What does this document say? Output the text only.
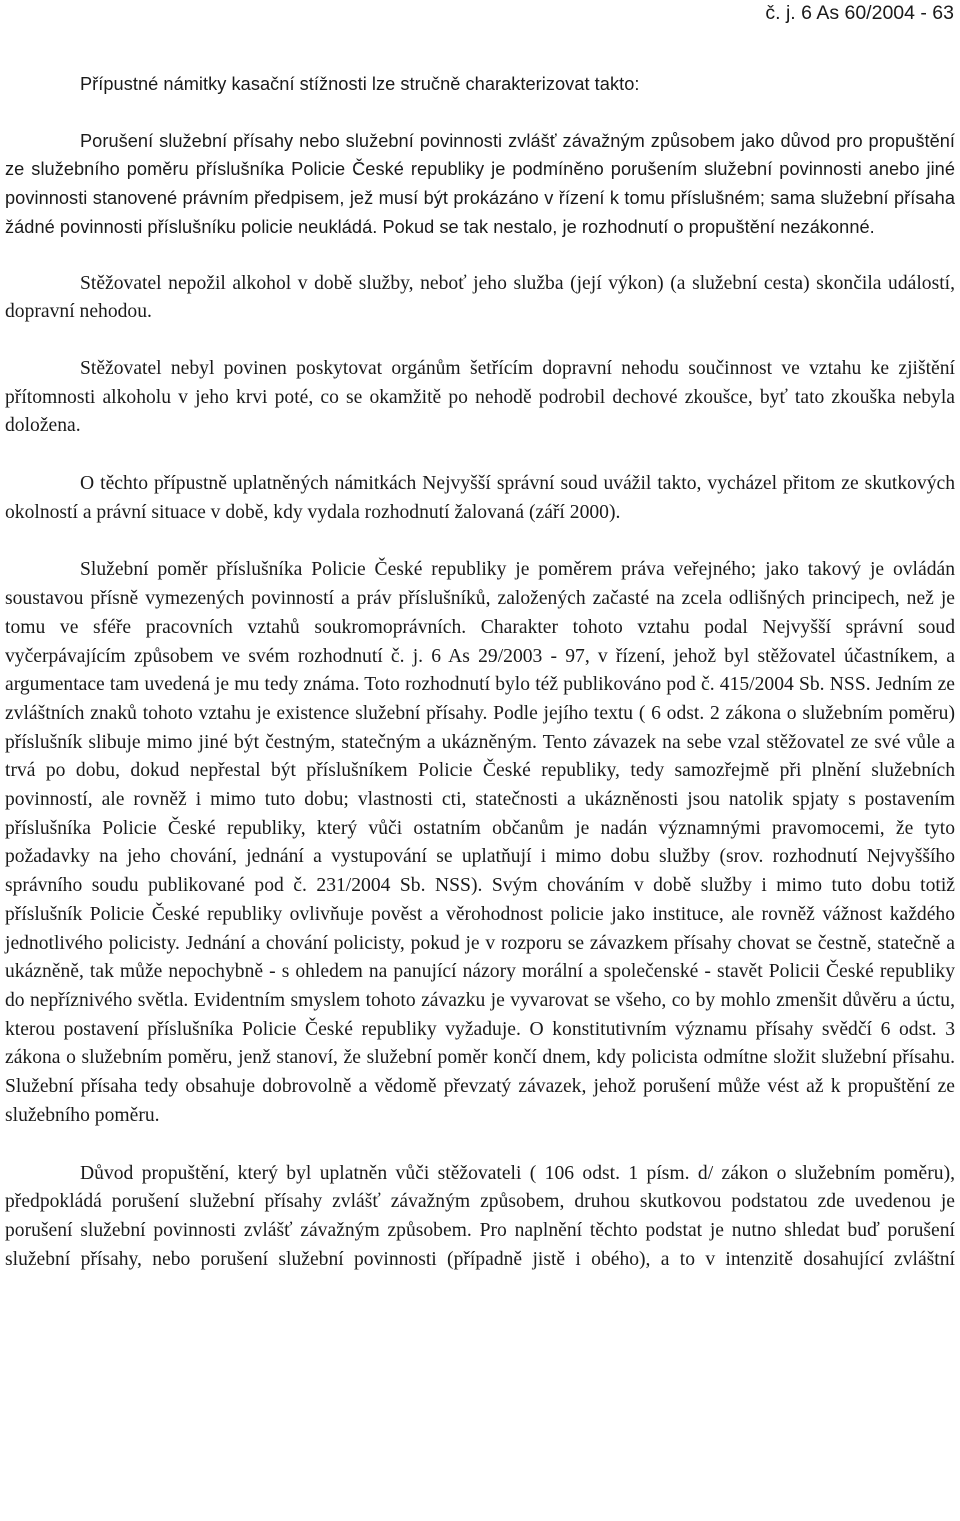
č. j. 6 As 60/2004 - 63

Přípustné námitky kasační stížnosti lze stručně charakterizovat takto:

Porušení služební přísahy nebo služební povinnosti zvlášť závažným způsobem jako důvod pro propuštění ze služebního poměru příslušníka Policie České republiky je podmíněno porušením služební povinnosti anebo jiné povinnosti stanovené právním předpisem, jež musí být prokázáno v řízení k tomu příslušném; sama služební přísaha žádné povinnosti příslušníku policie neukládá. Pokud se tak nestalo, je rozhodnutí o propuštění nezákonné.

Stěžovatel nepožil alkohol v době služby, neboť jeho služba (její výkon) (a služební cesta) skončila událostí, dopravní nehodou.

Stěžovatel nebyl povinen poskytovat orgánům šetřícím dopravní nehodu součinnost ve vztahu ke zjištění přítomnosti alkoholu v jeho krvi poté, co se okamžitě po nehodě podrobil dechové zkoušce, byť tato zkouška nebyla doložena.

O těchto přípustně uplatněných námitkách Nejvyšší správní soud uvážil takto, vycházel přitom ze skutkových okolností a právní situace v době, kdy vydala rozhodnutí žalovaná (září 2000).

Služební poměr příslušníka Policie České republiky je poměrem práva veřejného; jako takový je ovládán soustavou přísně vymezených povinností a práv příslušníků, založených začasté na zcela odlišných principech, než je tomu ve sféře pracovních vztahů soukromoprávních. Charakter tohoto vztahu podal Nejvyšší správní soud vyčerpávajícím způsobem ve svém rozhodnutí č. j. 6 As 29/2003 - 97, v řízení, jehož byl stěžovatel účastníkem, a argumentace tam uvedená je mu tedy známa. Toto rozhodnutí bylo též publikováno pod č. 415/2004 Sb. NSS. Jedním ze zvláštních znaků tohoto vztahu je existence služební přísahy. Podle jejího textu ( 6 odst. 2 zákona o služebním poměru) příslušník slibuje mimo jiné být čestným, statečným a ukázněným. Tento závazek na sebe vzal stěžovatel ze své vůle a trvá po dobu, dokud nepřestal být příslušníkem Policie České republiky, tedy samozřejmě při plnění služebních povinností, ale rovněž i mimo tuto dobu; vlastnosti cti, statečnosti a ukázněnosti jsou natolik spjaty s postavením příslušníka Policie České republiky, který vůči ostatním občanům je nadán významnými pravomocemi, že tyto požadavky na jeho chování, jednání a vystupování se uplatňují i mimo dobu služby (srov. rozhodnutí Nejvyššího správního soudu publikované pod č. 231/2004 Sb. NSS). Svým chováním v době služby i mimo tuto dobu totiž příslušník Policie České republiky ovlivňuje pověst a věrohodnost policie jako instituce, ale rovněž vážnost každého jednotlivého policisty. Jednání a chování policisty, pokud je v rozporu se závazkem přísahy chovat se čestně, statečně a ukázněně, tak může nepochybně - s ohledem na panující názory morální a společenské - stavět Policii České republiky do nepříznivého světla. Evidentním smyslem tohoto závazku je vyvarovat se všeho, co by mohlo zmenšit důvěru a úctu, kterou postavení příslušníka Policie České republiky vyžaduje. O konstitutivním významu přísahy svědčí 6 odst. 3 zákona o služebním poměru, jenž stanoví, že služební poměr končí dnem, kdy policista odmítne složit služební přísahu. Služební přísaha tedy obsahuje dobrovolně a vědomě převzatý závazek, jehož porušení může vést až k propuštění ze služebního poměru.

Důvod propuštění, který byl uplatněn vůči stěžovateli ( 106 odst. 1 písm. d/ zákon o služebním poměru), předpokládá porušení služební přísahy zvlášť závažným způsobem, druhou skutkovou podstatou zde uvedenou je porušení služební povinnosti zvlášť závažným způsobem. Pro naplnění těchto podstat je nutno shledat buď porušení služební přísahy, nebo porušení služební povinnosti (případně jistě i obého), a to v intenzitě dosahující zvláštní
